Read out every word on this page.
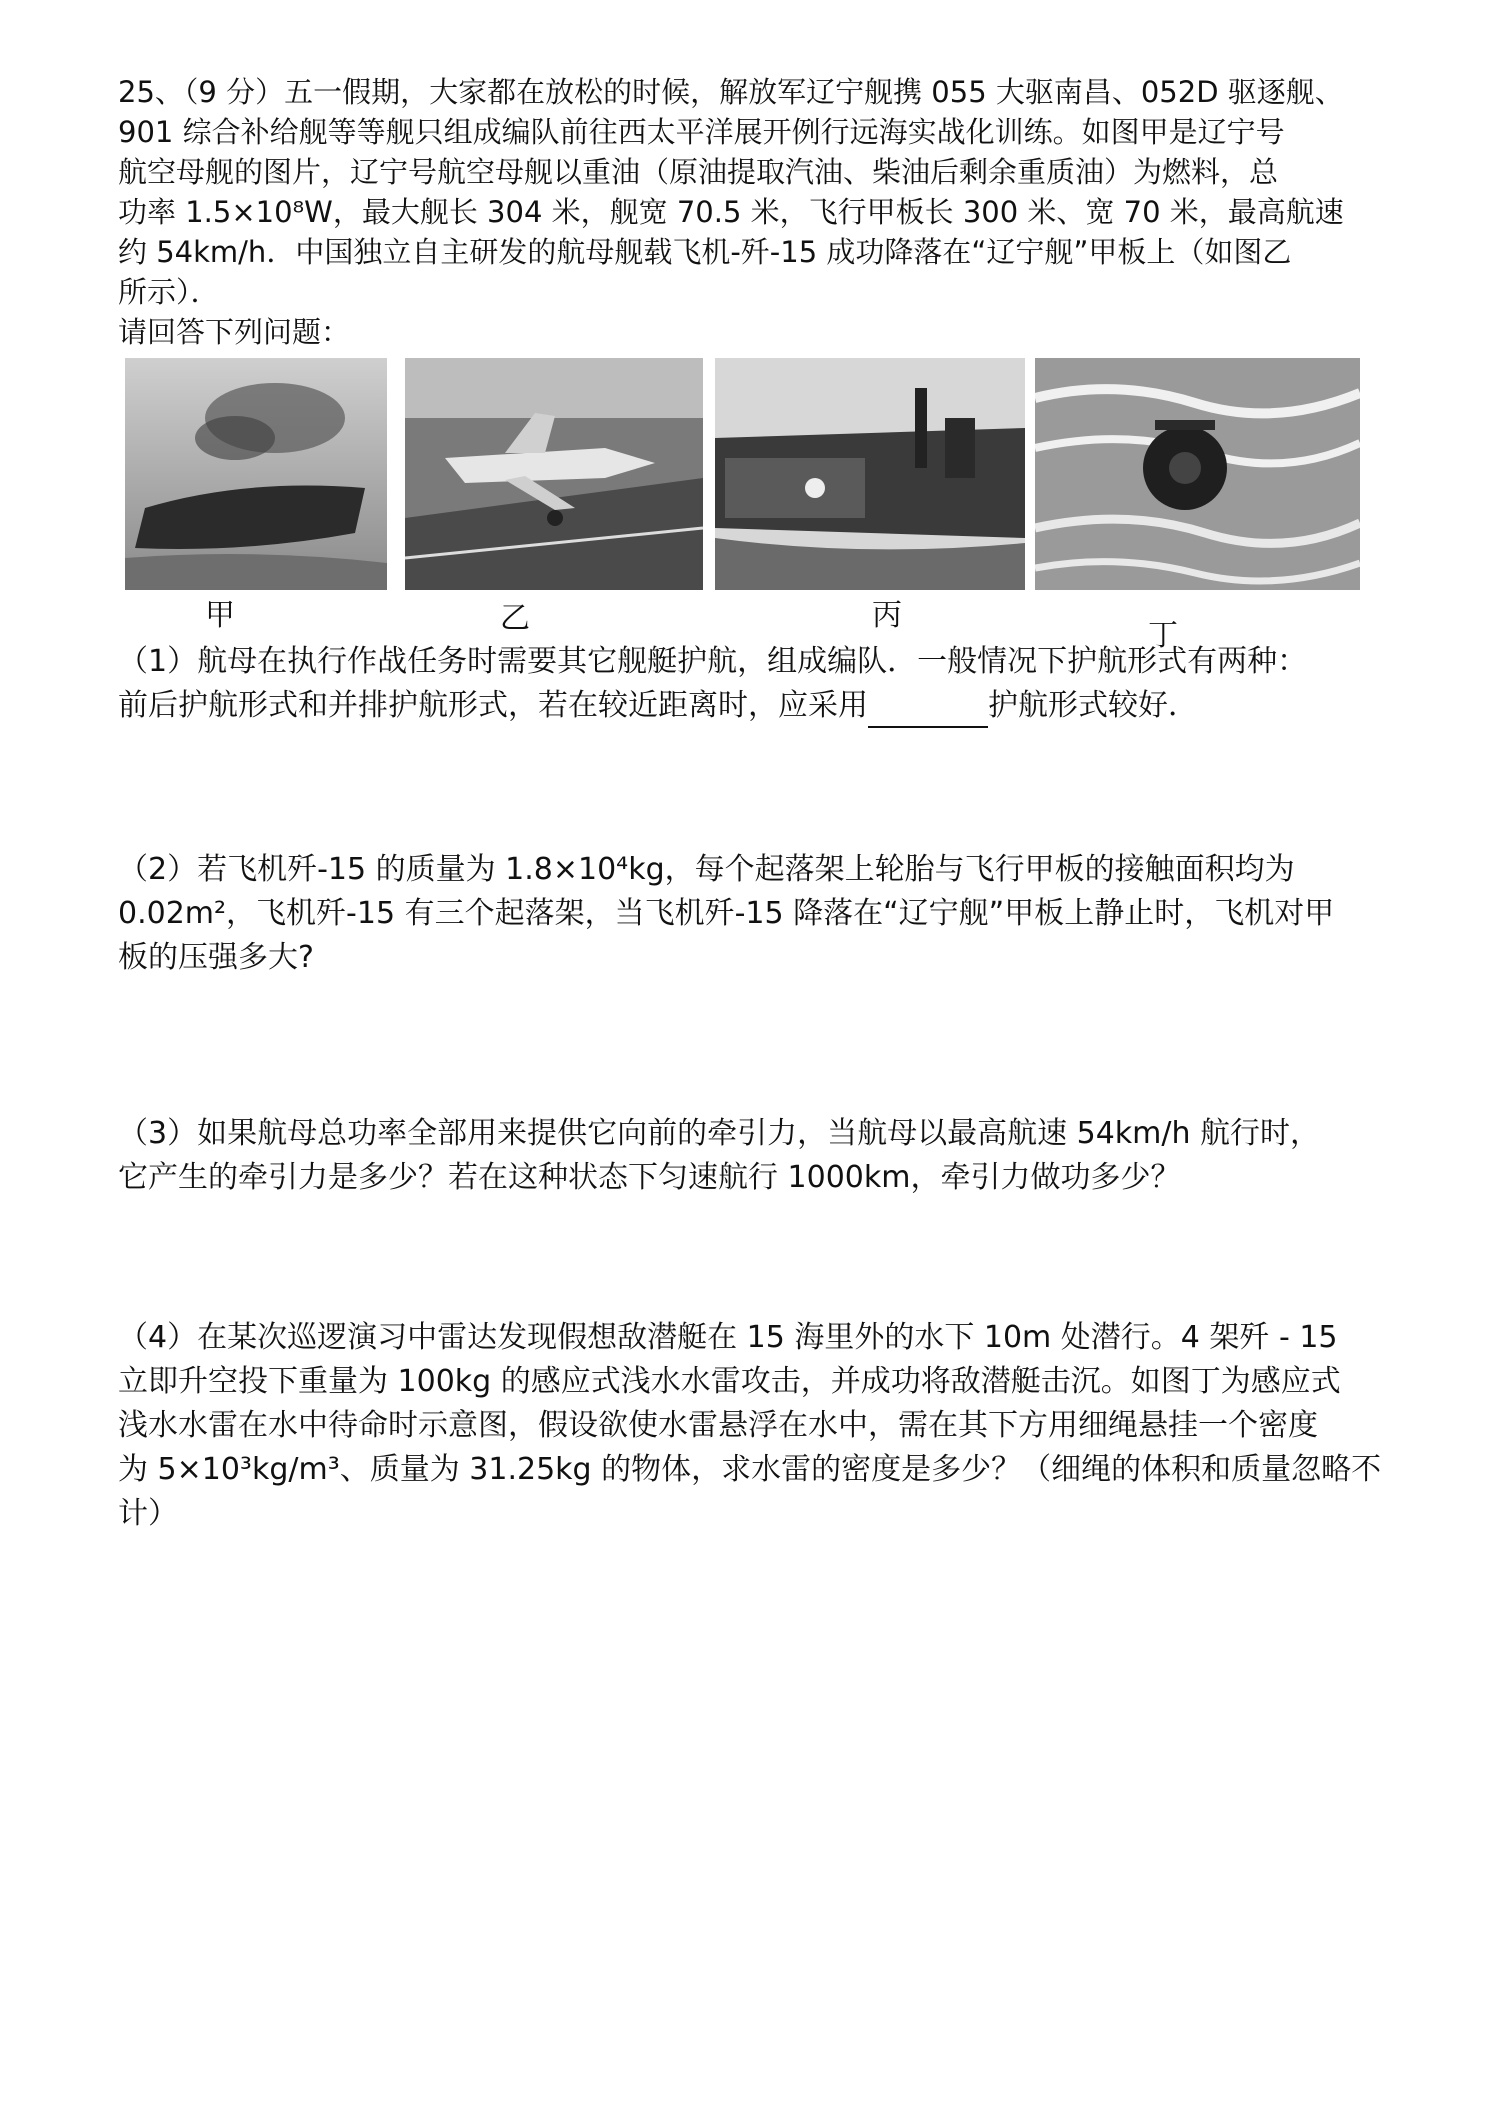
25、（9 分）五一假期，大家都在放松的时候，解放军辽宁舰携 055 大驱南昌、052D 驱逐舰、
901 综合补给舰等等舰只组成编队前往西太平洋展开例行远海实战化训练。如图甲是辽宁号
航空母舰的图片，辽宁号航空母舰以重油（原油提取汽油、柴油后剩余重质油）为燃料，总
功率 1.5×10⁸W，最大舰长 304 米，舰宽 70.5 米，飞行甲板长 300 米、宽 70 米，最高航速
约 54km/h．中国独立自主研发的航母舰载飞机-歼-15 成功降落在“辽宁舰”甲板上（如图乙
所示）．
请回答下列问题：
甲	乙	丙
丁

（1）航母在执行作战任务时需要其它舰艇护航，组成编队．一般情况下护航形式有两种：

前后护航形式和并排护航形式，若在较近距离时，应采用	护航形式较好．

（2）若飞机歼-15 的质量为 1.8×10⁴kg，每个起落架上轮胎与飞行甲板的接触面积均为

0.02m²，飞机歼-15 有三个起落架，当飞机歼-15 降落在“辽宁舰”甲板上静止时，飞机对甲

板的压强多大?

（3）如果航母总功率全部用来提供它向前的牵引力，当航母以最高航速 54km/h 航行时，

它产生的牵引力是多少？若在这种状态下匀速航行 1000km，牵引力做功多少？

（4）在某次巡逻演习中雷达发现假想敌潜艇在 15 海里外的水下 10m 处潜行。4 架歼 - 15

立即升空投下重量为 100kg 的感应式浅水水雷攻击，并成功将敌潜艇击沉。如图丁为感应式

浅水水雷在水中待命时示意图，假设欲使水雷悬浮在水中，需在其下方用细绳悬挂一个密度

为 5×10³kg/m³、质量为 31.25kg 的物体，求水雷的密度是多少？（细绳的体积和质量忽略不

计）
